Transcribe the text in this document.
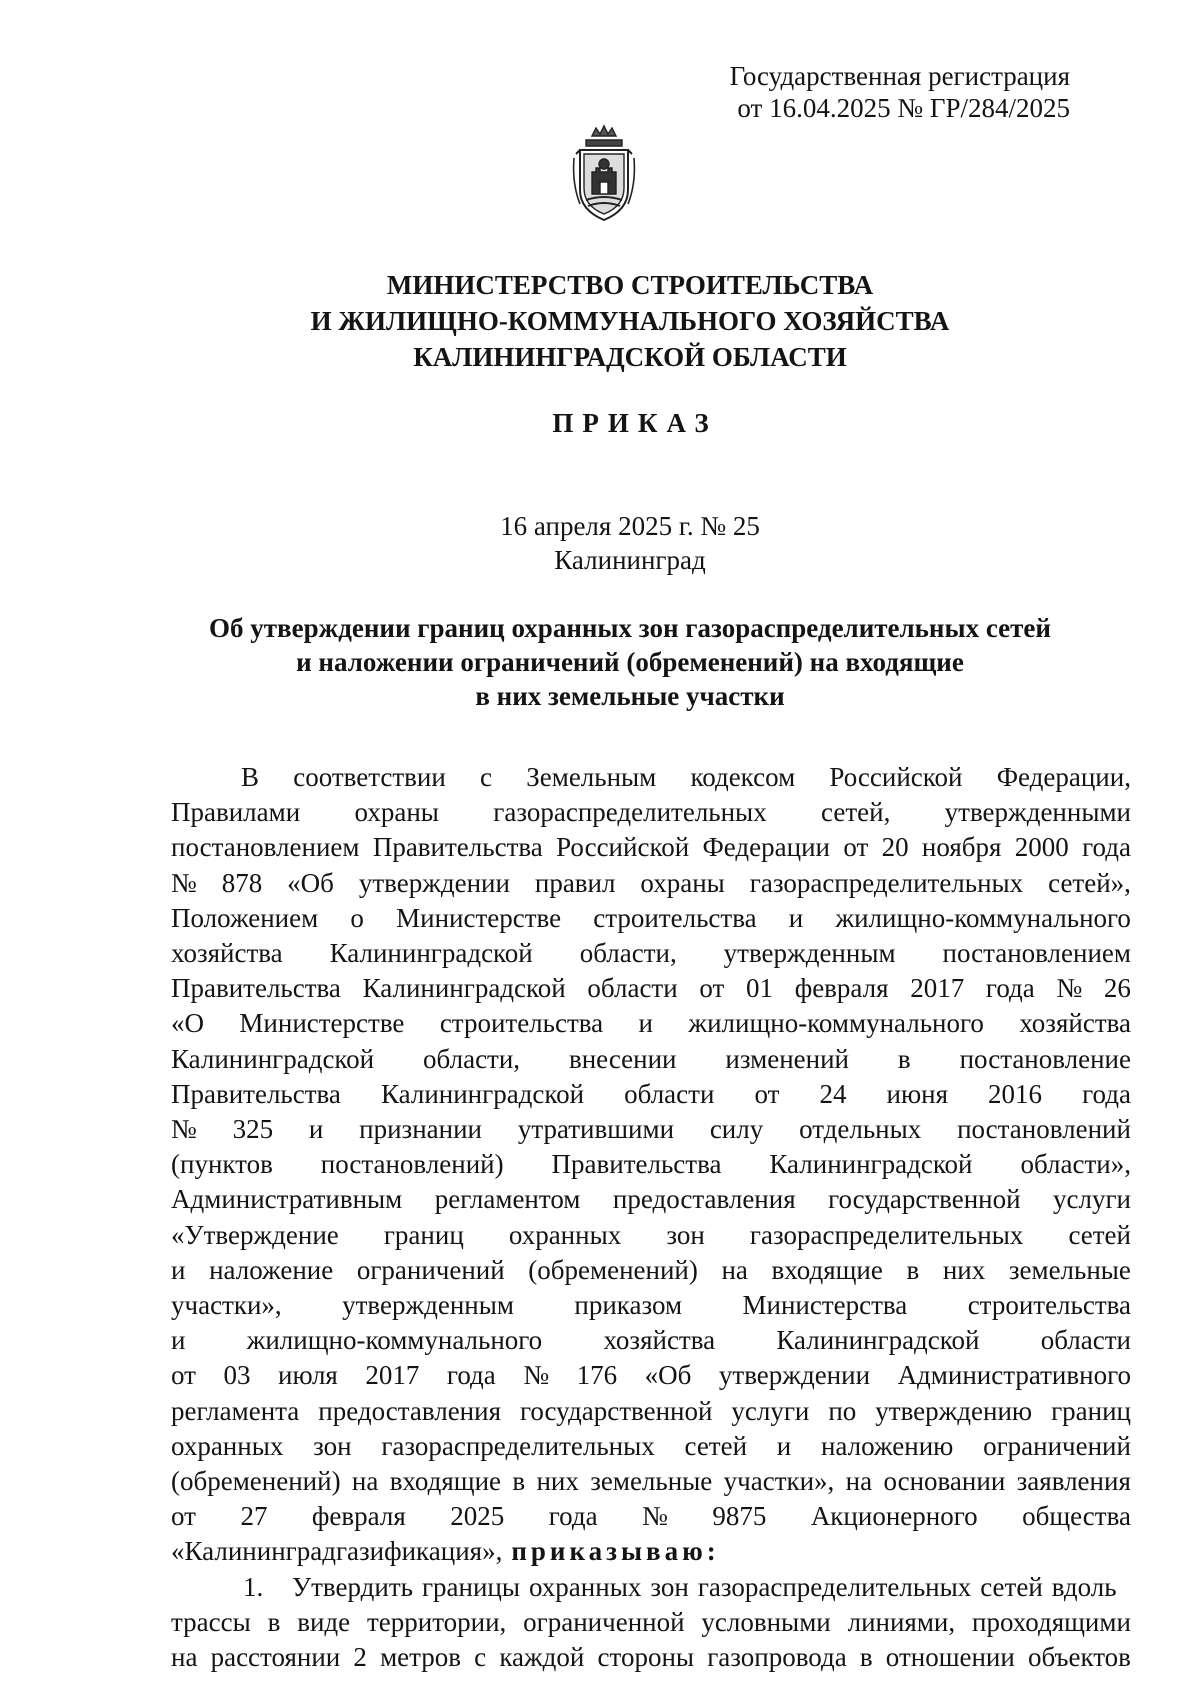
Государственная регистрация
от 16.04.2025 № ГР/284/2025
МИНИСТЕРСТВО СТРОИТЕЛЬСТВА
И ЖИЛИЩНО-КОММУНАЛЬНОГО ХОЗЯЙСТВА
КАЛИНИНГРАДСКОЙ ОБЛАСТИ
ПРИКАЗ
16 апреля 2025 г. № 25
Калининград
Об утверждении границ охранных зон газораспределительных сетей
и наложении ограничений (обременений) на входящие
в них земельные участки
В соответствии с Земельным кодексом Российской Федерации,
Правилами охраны газораспределительных сетей, утвержденными
постановлением Правительства Российской Федерации от 20 ноября 2000 года
№ 878 «Об утверждении правил охраны газораспределительных сетей»,
Положением о Министерстве строительства и жилищно-коммунального
хозяйства Калининградской области, утвержденным постановлением
Правительства Калининградской области от 01 февраля 2017 года № 26
«О Министерстве строительства и жилищно-коммунального хозяйства
Калининградской области, внесении изменений в постановление
Правительства Калининградской области от 24 июня 2016 года
№ 325 и признании утратившими силу отдельных постановлений
(пунктов постановлений) Правительства Калининградской области»,
Административным регламентом предоставления государственной услуги
«Утверждение границ охранных зон газораспределительных сетей
и наложение ограничений (обременений) на входящие в них земельные
участки», утвержденным приказом Министерства строительства
и жилищно-коммунального хозяйства Калининградской области
от 03 июля 2017 года № 176 «Об утверждении Административного
регламента предоставления государственной услуги по утверждению границ
охранных зон газораспределительных сетей и наложению ограничений
(обременений) на входящие в них земельные участки», на основании заявления
от 27 февраля 2025 года № 9875 Акционерного общества
«Калининградгазификация», приказываю:
1.	Утвердить границы охранных зон газораспределительных сетей вдоль
трассы в виде территории, ограниченной условными линиями, проходящими
на расстоянии 2 метров с каждой стороны газопровода в отношении объектов
